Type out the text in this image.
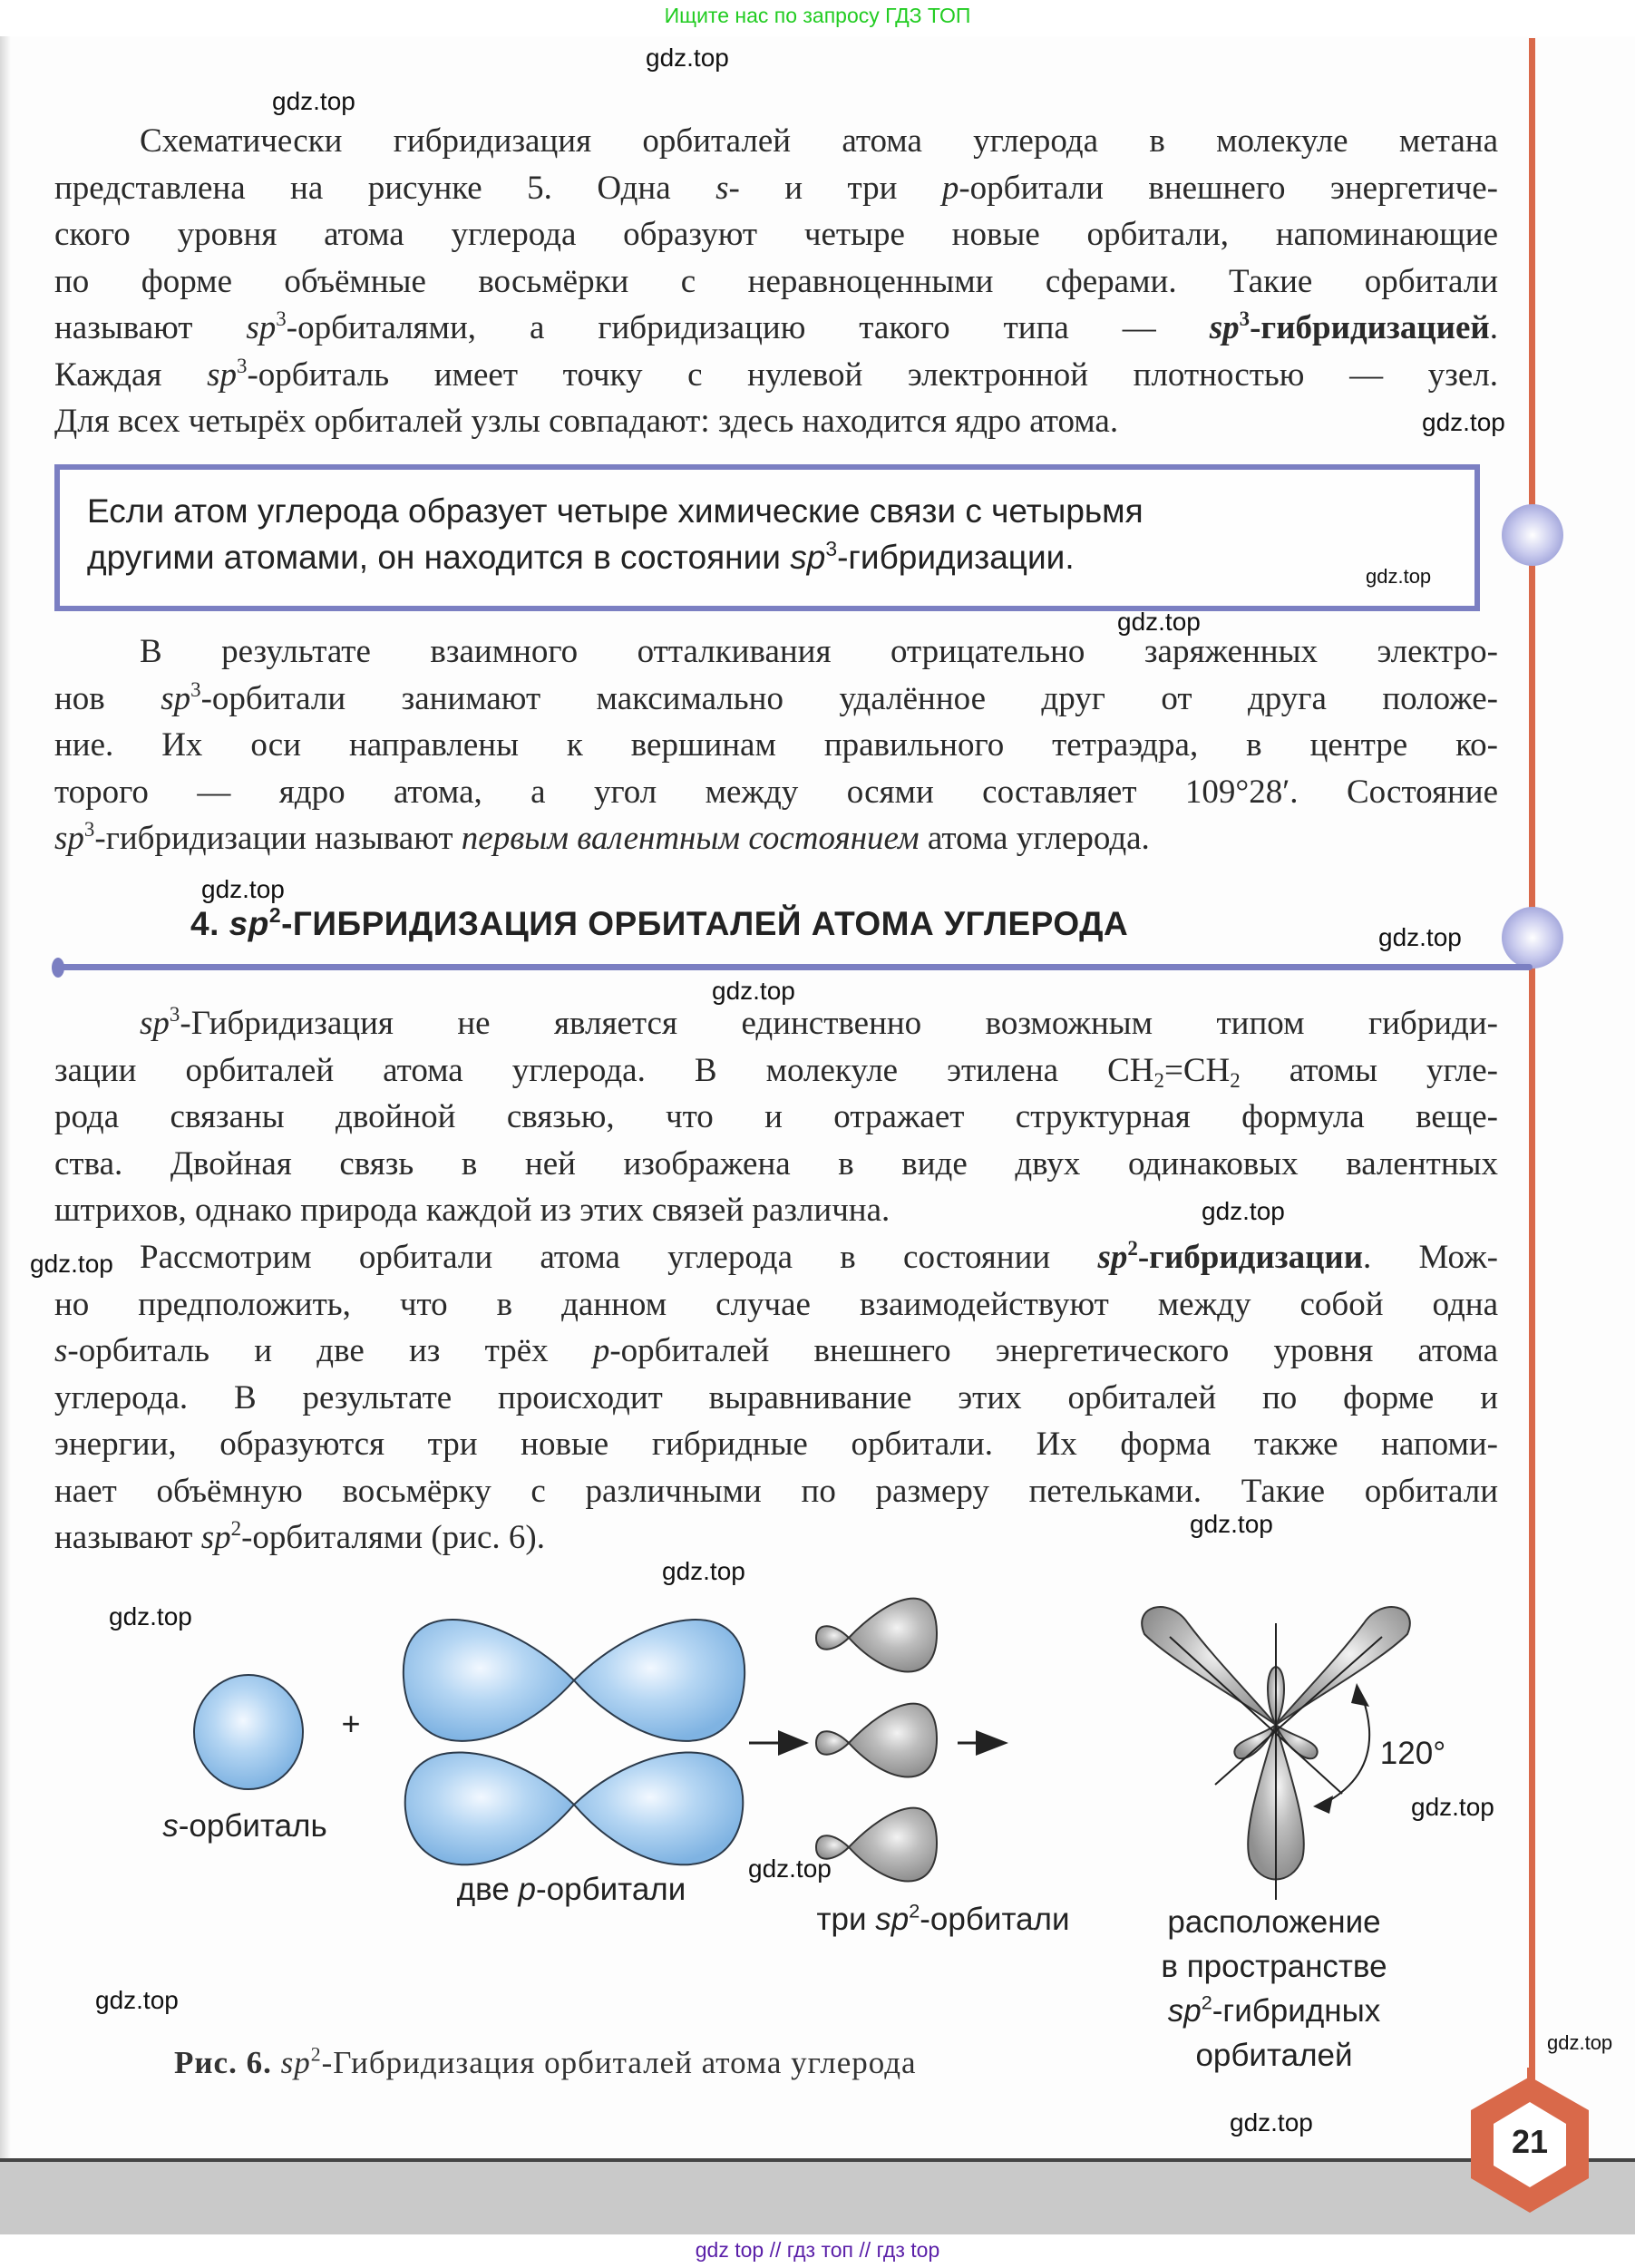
Ищите нас по запросу ГДЗ ТОП
Схематически гибридизация орбиталей атома углерода в молекуле метана
представлена на рисунке 5. Одна s- и три p-орбитали внешнего энергетиче-
ского уровня атома углерода образуют четыре новые орбитали, напоминающие
по форме объёмные восьмёрки с неравноценными сферами. Такие орбитали
называют $sp^3$-орбиталями, а гибридизацию такого типа — $sp^3$-гибридизацией.
Каждая $sp^3$-орбиталь имеет точку с нулевой электронной плотностью — узел.
Для всех четырёх орбиталей узлы совпадают: здесь находится ядро атома.
Если атом углерода образует четыре химические связи с четырьмя
другими атомами, он находится в состоянии $sp^3$-гибридизации.
В результате взаимного отталкивания отрицательно заряженных электро-
нов $sp^3$-орбитали занимают максимально удалённое друг от друга положе-
ние. Их оси направлены к вершинам правильного тетраэдра, в центре ко-
торого — ядро атома, а угол между осями составляет 109°28′. Состояние
$sp^3$-гибридизации называют первым валентным состоянием атома углерода.
4. $sp^2$-ГИБРИДИЗАЦИЯ ОРБИТАЛЕЙ АТОМА УГЛЕРОДА
$sp^3$-Гибридизация не является единственно возможным типом гибриди-
зации орбиталей атома углерода. В молекуле этилена $CH_2=CH_2$ атомы угле-
рода связаны двойной связью, что и отражает структурная формула веще-
ства. Двойная связь в ней изображена в виде двух одинаковых валентных
штрихов, однако природа каждой из этих связей различна.
Рассмотрим орбитали атома углерода в состоянии $sp^2$-гибридизации. Мож-
но предположить, что в данном случае взаимодействуют между собой одна
s-орбиталь и две из трёх p-орбиталей внешнего энергетического уровня атома
углерода. В результате происходит выравнивание этих орбиталей по форме и
энергии, образуются три новые гибридные орбитали. Их форма также напоми-
нает объёмную восьмёрку с различными по размеру петельками. Такие орбитали
называют $sp^2$-орбиталями (рис. 6).
s-орбиталь
+
две p-орбитали
три $sp^2$-орбитали	расположение
в пространстве
$sp^2$-гибридных
орбиталей
120°
Рис. 6. $sp^2$-Гибридизация орбиталей атома углерода
21
gdz top // гдз топ // гдз top
gdz.top
gdz.top
gdz.top
gdz.top
gdz.top
gdz.top
gdz.top
gdz.top
gdz.top
gdz.top
gdz.top
gdz.top
gdz.top
gdz.top
gdz.top
gdz.top
gdz.top
gdz.top
